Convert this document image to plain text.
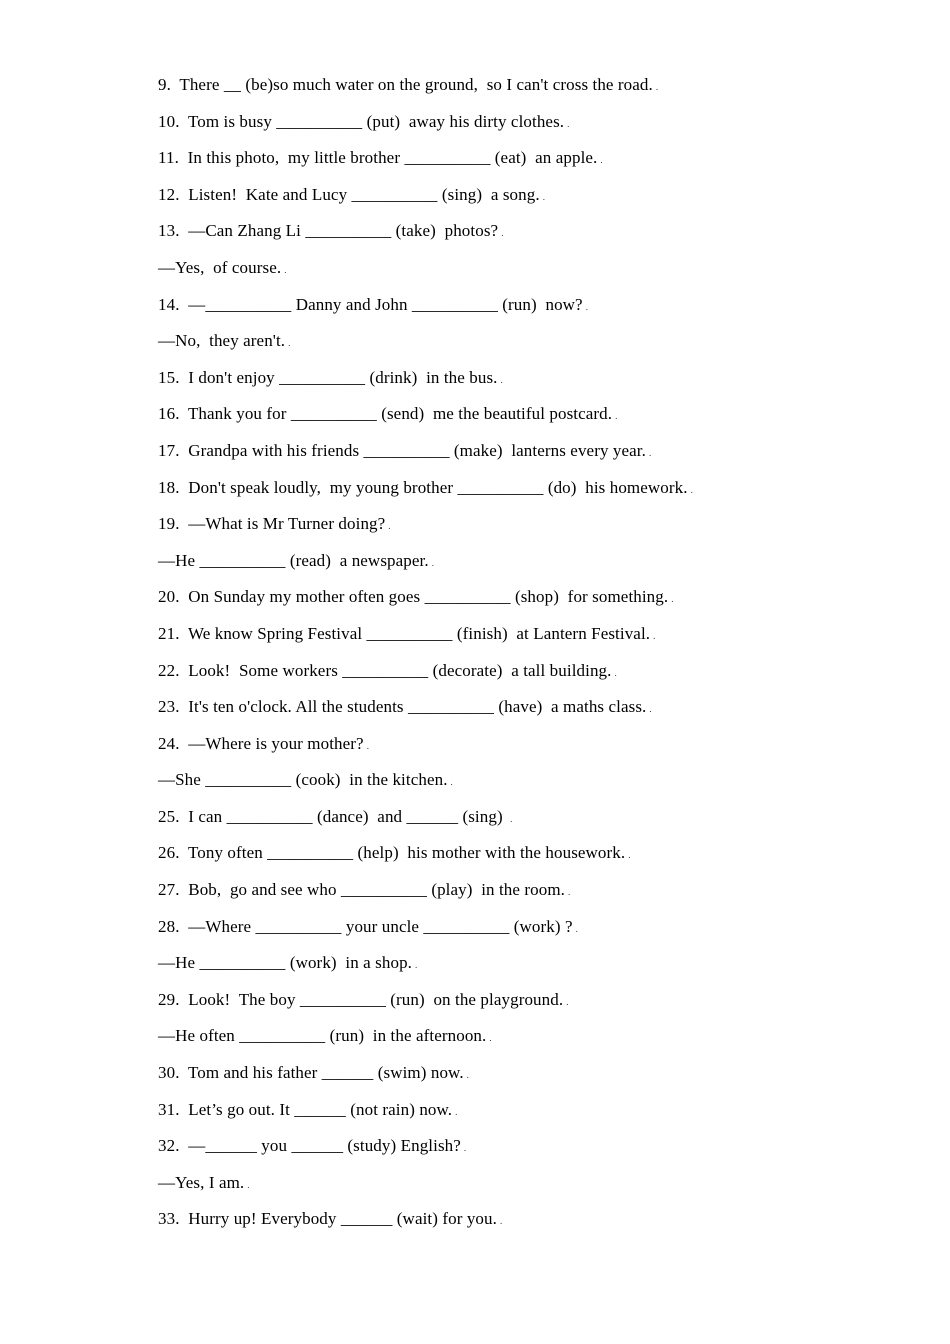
9.  There __ (be)so much water on the ground,  so I can't cross the road. .

10.  Tom is busy __________ (put)  away his dirty clothes. .

11.  In this photo,  my little brother __________ (eat)  an apple. .

12.  Listen!  Kate and Lucy __________ (sing)  a song. .

13.  —Can Zhang Li __________ (take)  photos? .

—Yes,  of course. .

14.  —__________ Danny and John __________ (run)  now? .

—No,  they aren't. .

15.  I don't enjoy __________ (drink)  in the bus. .

16.  Thank you for __________ (send)  me the beautiful postcard. .

17.  Grandpa with his friends __________ (make)  lanterns every year. .

18.  Don't speak loudly,  my young brother __________ (do)  his homework. .

19.  —What is Mr Turner doing? .

—He __________ (read)  a newspaper. .

20.  On Sunday my mother often goes __________ (shop)  for something. .

21.  We know Spring Festival __________ (finish)  at Lantern Festival. .

22.  Look!  Some workers __________ (decorate)  a tall building. .

23.  It's ten o'clock. All the students __________ (have)  a maths class. .

24.  —Where is your mother? .

—She __________ (cook)  in the kitchen. .

25.  I can __________ (dance)  and ______ (sing)  .

26.  Tony often __________ (help)  his mother with the housework. .

27.  Bob,  go and see who __________ (play)  in the room. .

28.  —Where __________ your uncle __________ (work) ? .

—He __________ (work)  in a shop. .

29.  Look!  The boy __________ (run)  on the playground. .

—He often __________ (run)  in the afternoon. .

30.  Tom and his father ______ (swim) now. .

31.  Let’s go out. It ______ (not rain) now. .

32.  —______ you ______ (study) English? .

—Yes, I am. .

33.  Hurry up! Everybody ______ (wait) for you. .
